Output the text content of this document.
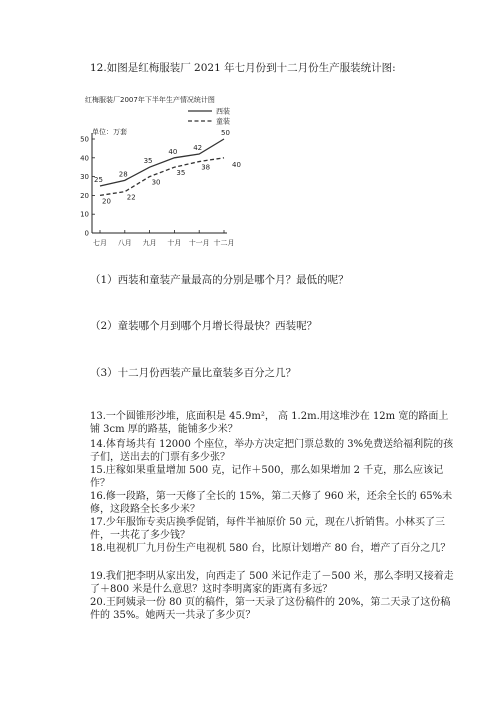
12.如图是红梅服装厂 2021 年七月份到十二月份生产服装统计图:
红梅服装厂2007年下半年生产情况统计图
单位：万套
0
10
20
30
40
50
七月 八月 九月 十月 十一月 十二月
25
28
35
40 42
50
20 22
30
35
38	40
西装
童装
（1）西装和童装产量最高的分别是哪个月？最低的呢？
（2）童装哪个月到哪个月增长得最快？西装呢？
（3）十二月份西装产量比童装多百分之几？

13.一个圆锥形沙堆，底面积是 45.9m²， 高 1.2m.用这堆沙在 12m 宽的路面上铺 3cm 厚的路基，能铺多少米？

14.体育场共有 12000 个座位，举办方决定把门票总数的 3%免费送给福利院的孩子们，送出去的门票有多少张？

15.庄稼如果重量增加 500 克，记作＋500，那么如果增加 2 千克，那么应该记作？

16.修一段路，第一天修了全长的 15%，第二天修了 960 米，还余全长的 65%未修，这段路全长多少米？

17.少年服饰专卖店换季促销，每件半袖原价 50 元，现在八折销售。小林买了三件，一共花了多少钱？

18.电视机厂九月份生产电视机 580 台，比原计划增产 80 台，增产了百分之几？

19.我们把李明从家出发，向西走了 500 米记作走了－500 米，那么李明又接着走了＋800 米是什么意思？这时李明离家的距离有多远？

20.王阿姨录一份 80 页的稿件，第一天录了这份稿件的 20%，第二天录了这份稿件的 35%。她两天一共录了多少页？
